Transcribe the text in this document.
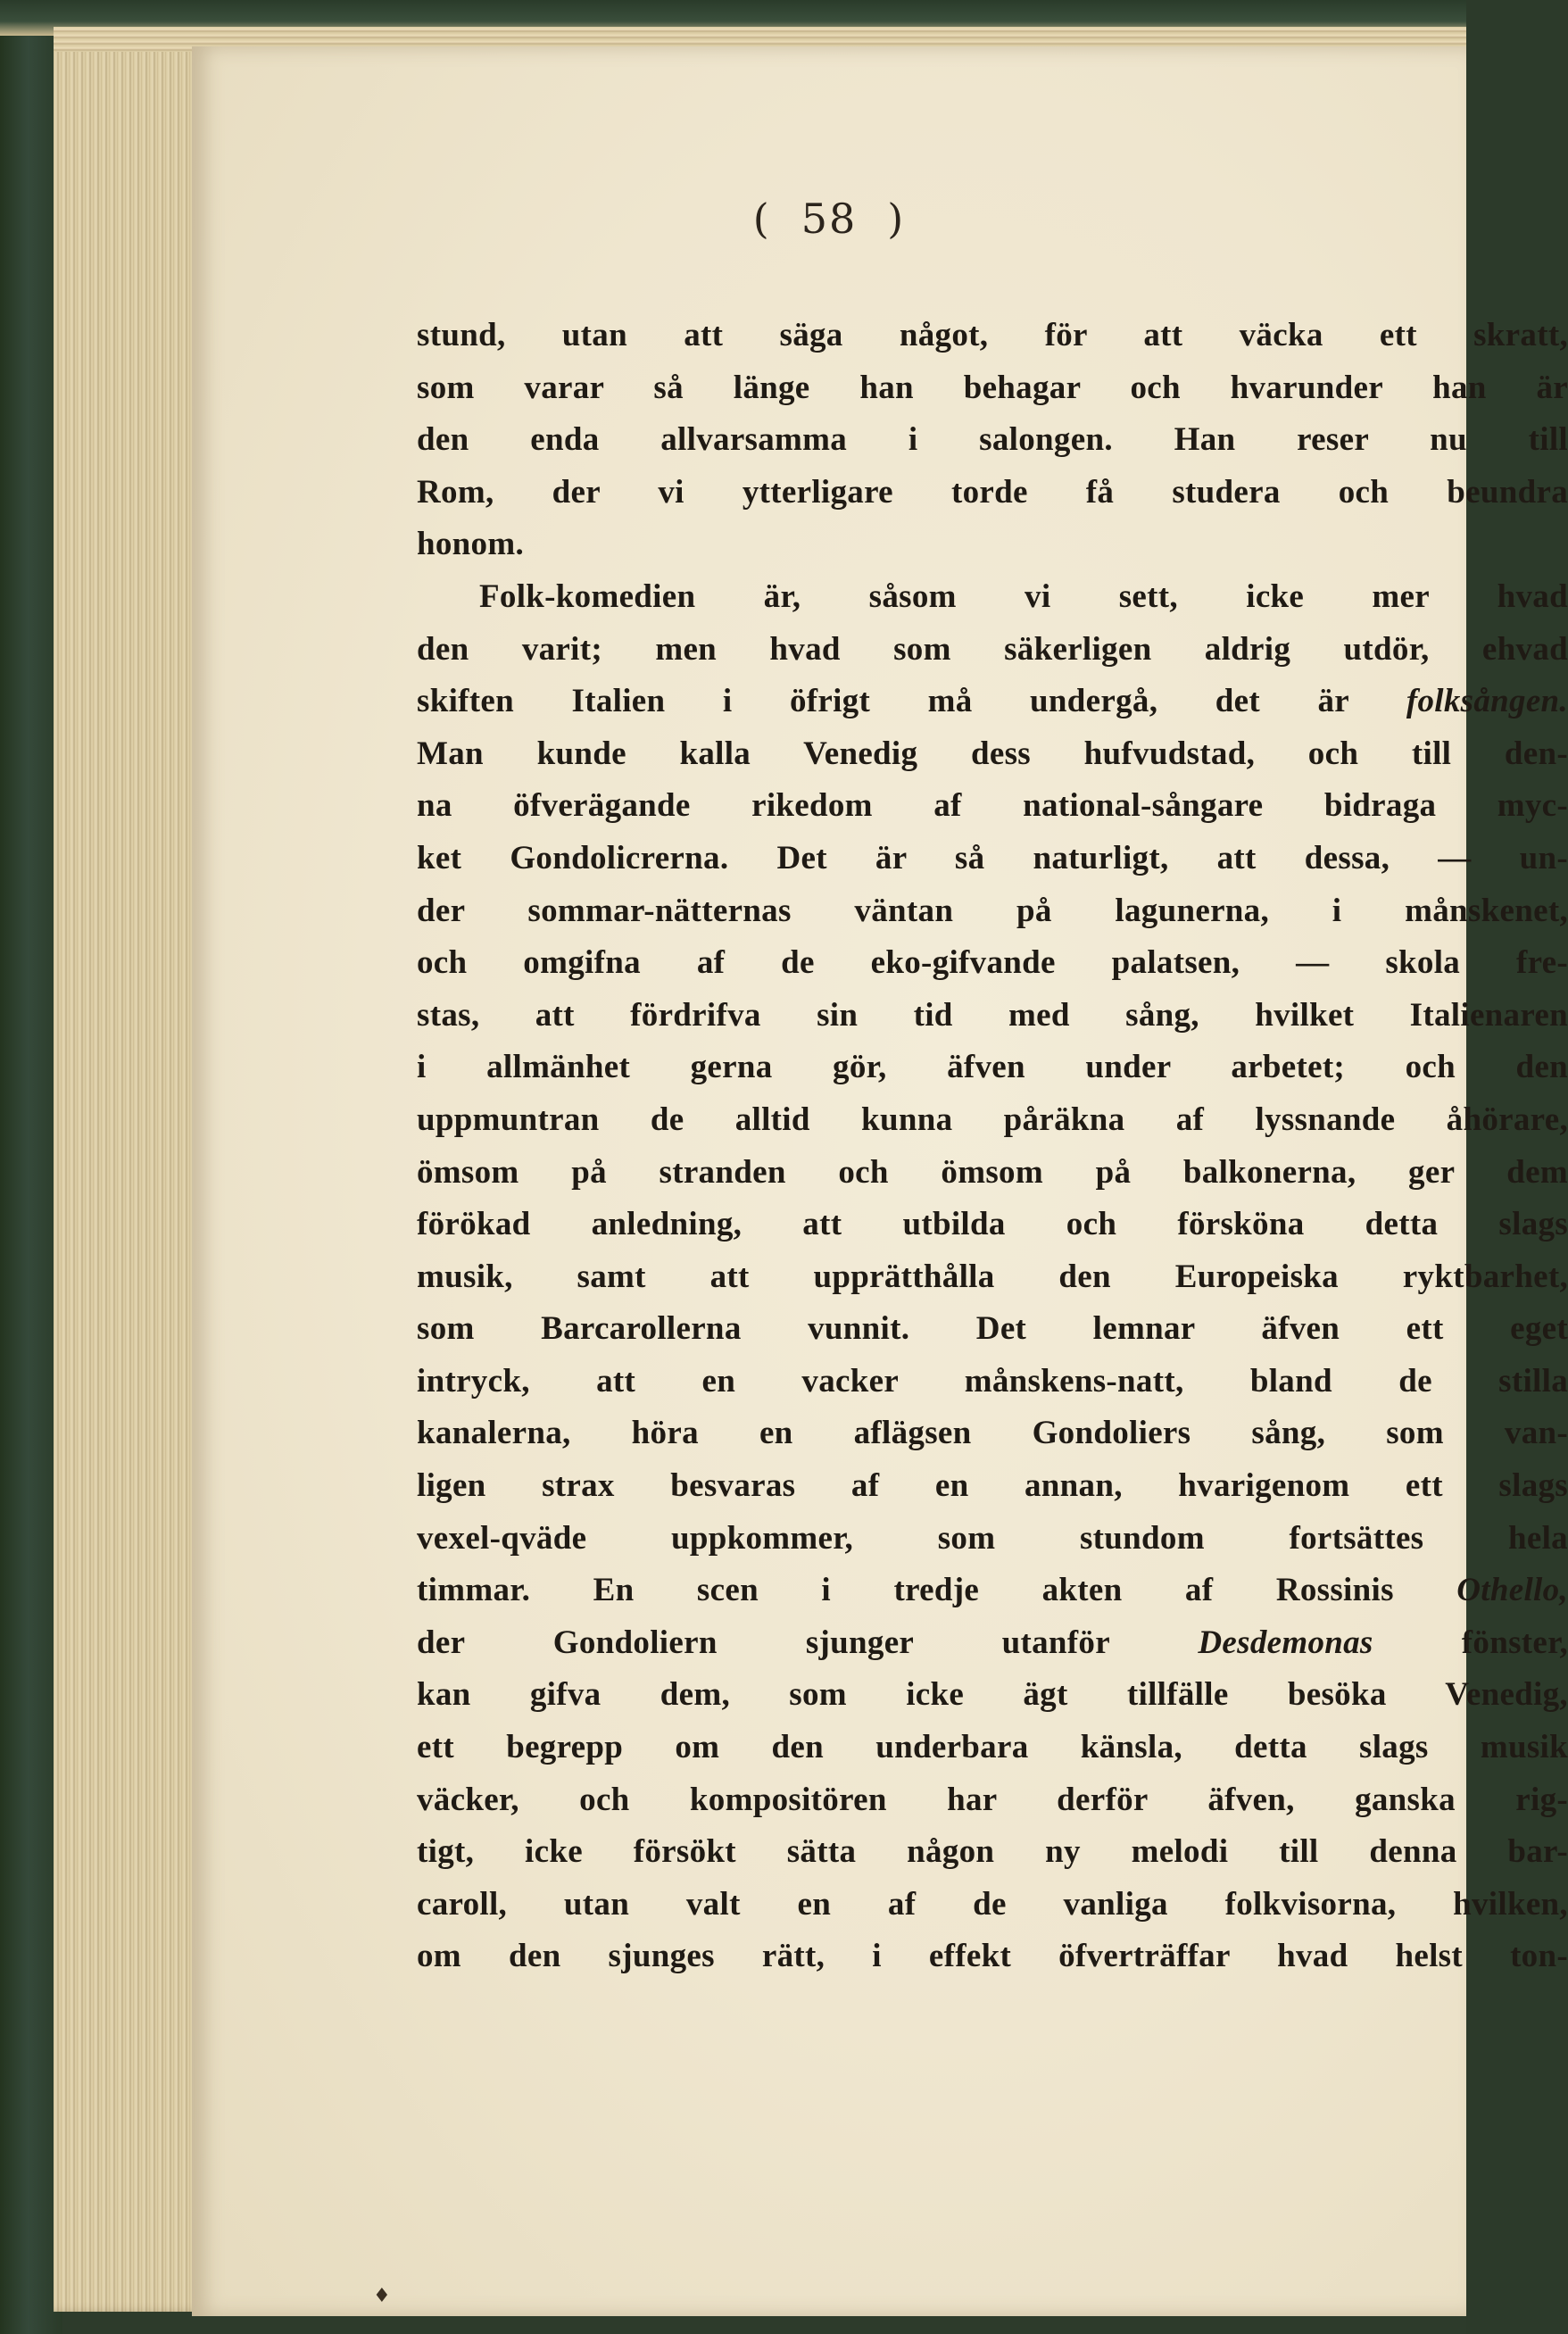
( 58 )
stund, utan att säga något, för att väcka ett skratt,
som varar så länge han behagar och hvarunder han är
den enda allvarsamma i salongen. Han reser nu till
Rom, der vi ytterligare torde få studera och beundra
honom.
Folk-komedien är, såsom vi sett, icke mer hvad
den varit; men hvad som säkerligen aldrig utdör, ehvad
skiften Italien i öfrigt må undergå, det är folksången.
Man kunde kalla Venedig dess hufvudstad, och till den-
na öfverägande rikedom af national-sångare bidraga myc-
ket Gondolicrerna. Det är så naturligt, att dessa, — un-
der sommar-nätternas väntan på lagunerna, i månskenet,
och omgifna af de eko-gifvande palatsen, — skola fre-
stas, att fördrifva sin tid med sång, hvilket Italienaren
i allmänhet gerna gör, äfven under arbetet; och den
uppmuntran de alltid kunna påräkna af lyssnande åhörare,
ömsom på stranden och ömsom på balkonerna, ger dem
förökad anledning, att utbilda och försköna detta slags
musik, samt att upprätthålla den Europeiska ryktbarhet,
som Barcarollerna vunnit. Det lemnar äfven ett eget
intryck, att en vacker månskens-natt, bland de stilla
kanalerna, höra en aflägsen Gondoliers sång, som van-
ligen strax besvaras af en annan, hvarigenom ett slags
vexel-qväde uppkommer, som stundom fortsättes hela
timmar. En scen i tredje akten af Rossinis Othello,
der Gondoliern sjunger utanför	Desdemonas	fönster,
kan gifva dem, som icke ägt tillfälle besöka Venedig,
ett begrepp om den underbara känsla, detta slags musik
väcker, och kompositören har derför äfven, ganska rig-
tigt, icke försökt sätta någon ny melodi till denna bar-
caroll, utan valt en af de vanliga folkvisorna, hvilken,
om den sjunges rätt, i effekt öfverträffar hvad helst ton-
♦
